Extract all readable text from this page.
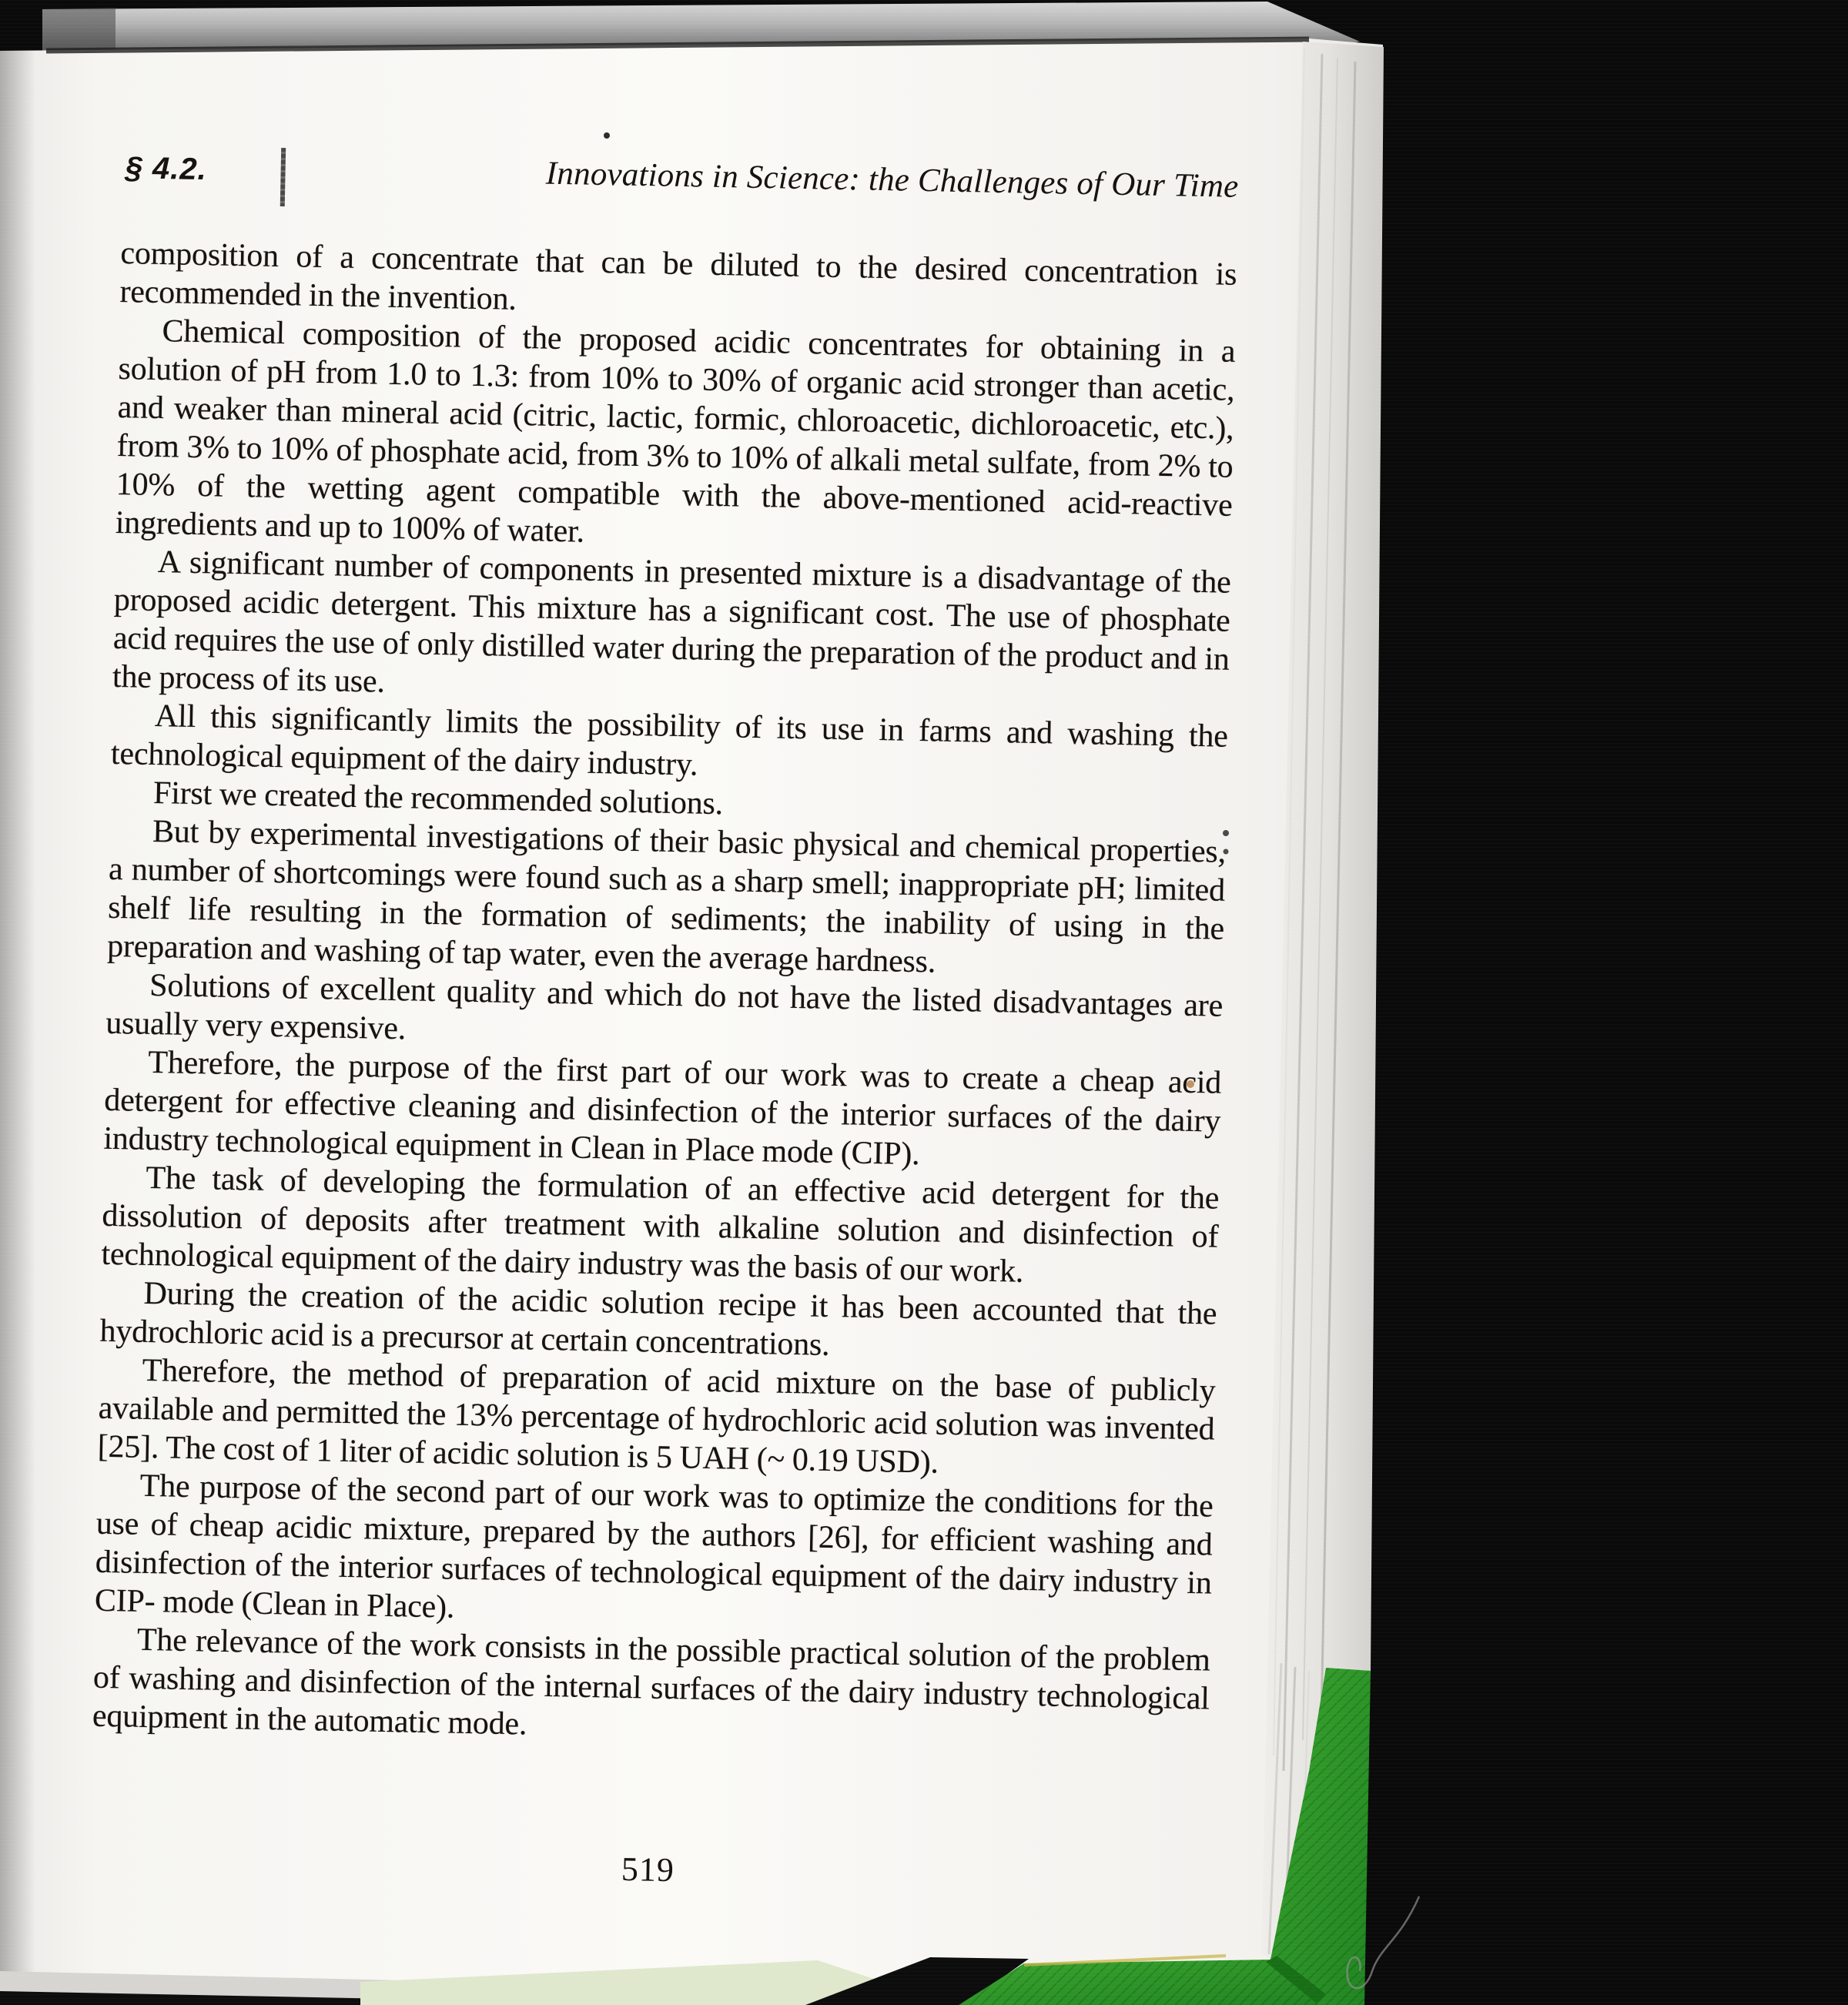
§ 4.2.	Innovations in Science: the Challenges of Our Time

composition of a concentrate that can be diluted to the desired concentration is recommended in the invention.

Chemical composition of the proposed acidic concentrates for obtaining in a solution of pH from 1.0 to 1.3: from 10% to 30% of organic acid stronger than acetic, and weaker than mineral acid (citric, lactic, formic, chloroacetic, dichloroacetic, etc.), from 3% to 10% of phosphate acid, from 3% to 10% of alkali metal sulfate, from 2% to 10% of the wetting agent compatible with the above-mentioned acid-reactive ingredients and up to 100% of water.

A significant number of components in presented mixture is a disadvantage of the proposed acidic detergent. This mixture has a significant cost. The use of phosphate acid requires the use of only distilled water during the preparation of the product and in the process of its use.

All this significantly limits the possibility of its use in farms and washing the technological equipment of the dairy industry.

First we created the recommended solutions.

But by experimental investigations of their basic physical and chemical properties, a number of shortcomings were found such as a sharp smell; inappropriate pH; limited shelf life resulting in the formation of sediments; the inability of using in the preparation and washing of tap water, even the average hardness.

Solutions of excellent quality and which do not have the listed disadvantages are usually very expensive.

Therefore, the purpose of the first part of our work was to create a cheap acid detergent for effective cleaning and disinfection of the interior surfaces of the dairy industry technological equipment in Clean in Place mode (CIP).

The task of developing the formulation of an effective acid detergent for the dissolution of deposits after treatment with alkaline solution and disinfection of technological equipment of the dairy industry was the basis of our work.

During the creation of the acidic solution recipe it has been accounted that the hydrochloric acid is a precursor at certain concentrations.

Therefore, the method of preparation of acid mixture on the base of publicly available and permitted the 13% percentage of hydrochloric acid solution was invented [25]. The cost of 1 liter of acidic solution is 5 UAH (~ 0.19 USD).

The purpose of the second part of our work was to optimize the conditions for the use of cheap acidic mixture, prepared by the authors [26], for efficient washing and disinfection of the interior surfaces of technological equipment of the dairy industry in CIP- mode (Clean in Place).

The relevance of the work consists in the possible practical solution of the problem of washing and disinfection of the internal surfaces of the dairy industry technological equipment in the automatic mode.

519
